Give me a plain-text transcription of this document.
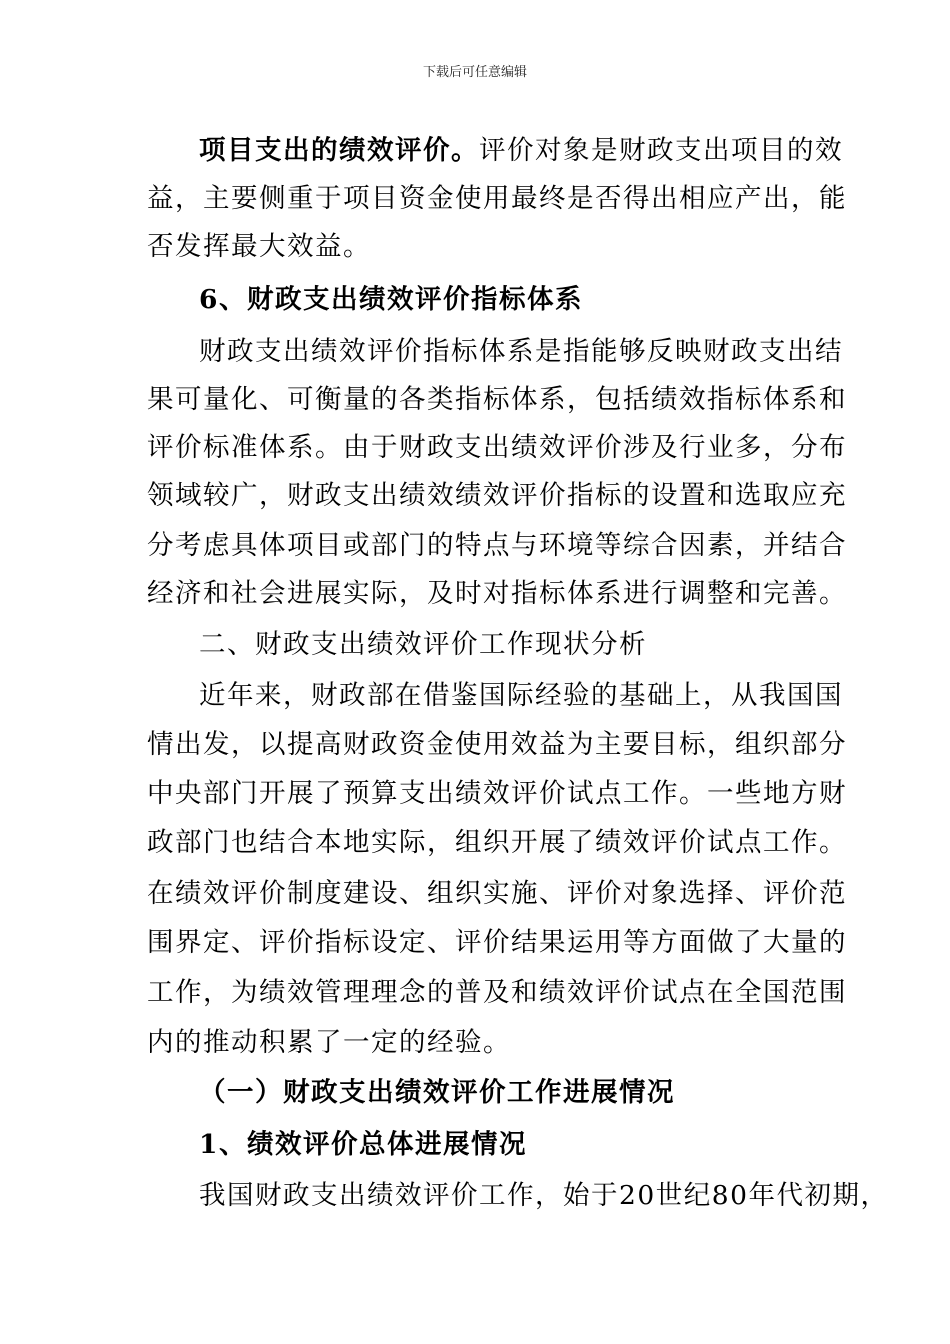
下载后可任意编辑
项目支出的绩效评价。评价对象是财政支出项目的效
益，主要侧重于项目资金使用最终是否得出相应产出，能
否发挥最大效益。
6、财政支出绩效评价指标体系
财政支出绩效评价指标体系是指能够反映财政支出结
果可量化、可衡量的各类指标体系，包括绩效指标体系和
评价标准体系。由于财政支出绩效评价涉及行业多，分布
领域较广，财政支出绩效绩效评价指标的设置和选取应充
分考虑具体项目或部门的特点与环境等综合因素，并结合
经济和社会进展实际，及时对指标体系进行调整和完善。
二、财政支出绩效评价工作现状分析
近年来，财政部在借鉴国际经验的基础上，从我国国
情出发，以提高财政资金使用效益为主要目标，组织部分
中央部门开展了预算支出绩效评价试点工作。一些地方财
政部门也结合本地实际，组织开展了绩效评价试点工作。
在绩效评价制度建设、组织实施、评价对象选择、评价范
围界定、评价指标设定、评价结果运用等方面做了大量的
工作，为绩效管理理念的普及和绩效评价试点在全国范围
内的推动积累了一定的经验。
（一）财政支出绩效评价工作进展情况
1、绩效评价总体进展情况
我国财政支出绩效评价工作，始于20世纪80年代初期，
